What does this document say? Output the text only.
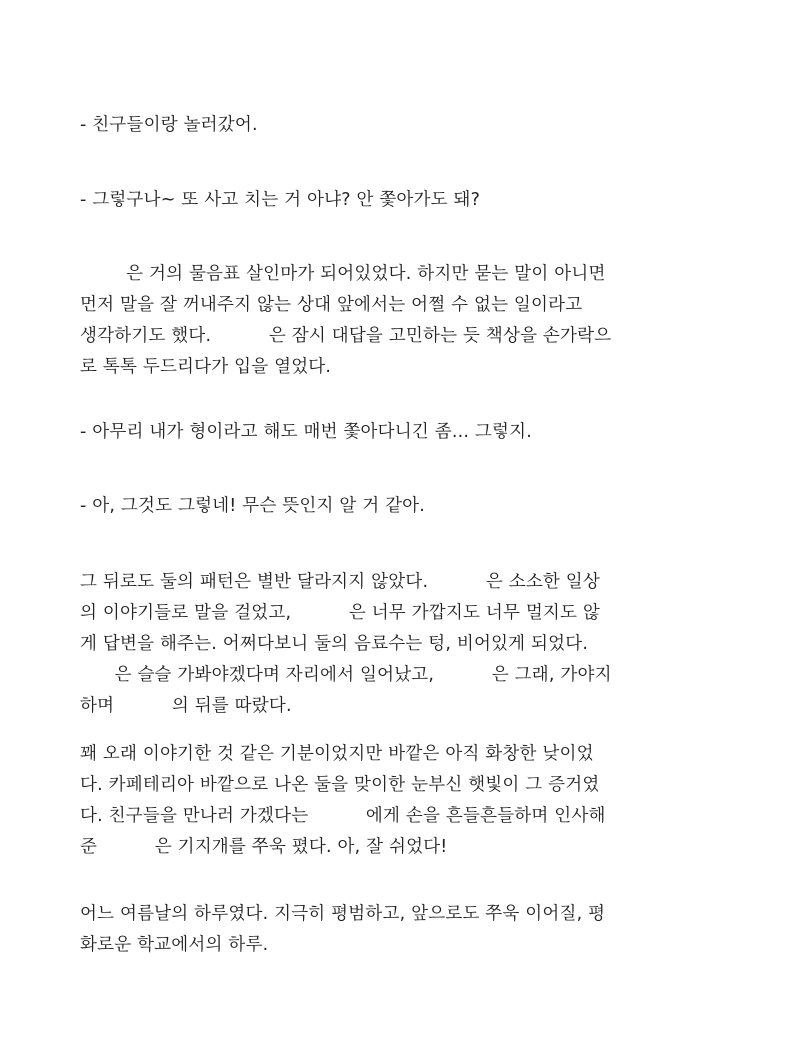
- 친구들이랑 놀러갔어.

- 그렇구나~ 또 사고 치는 거 아냐? 안 쫓아가도 돼?

은 거의 물음표 살인마가 되어있었다. 하지만 묻는 말이 아니면
먼저 말을 잘 꺼내주지 않는 상대 앞에서는 어쩔 수 없는 일이라고
생각하기도 했다.          은 잠시 대답을 고민하는 듯 책상을 손가락으
로 톡톡 두드리다가 입을 열었다.

- 아무리 내가 형이라고 해도 매번 쫓아다니긴 좀... 그렇지.

- 아, 그것도 그렇네! 무슨 뜻인지 알 거 같아.

그 뒤로도 둘의 패턴은 별반 달라지지 않았다.          은 소소한 일상
의 이야기들로 말을 걸었고,          은 너무 가깝지도 너무 멀지도 않
게 답변을 해주는. 어쩌다보니 둘의 음료수는 텅, 비어있게 되었다.
은 슬슬 가봐야겠다며 자리에서 일어났고,          은 그래, 가야지
하며          의 뒤를 따랐다.

꽤 오래 이야기한 것 같은 기분이었지만 바깥은 아직 화창한 낮이었
다. 카페테리아 바깥으로 나온 둘을 맞이한 눈부신 햇빛이 그 증거였
다. 친구들을 만나러 가겠다는          에게 손을 흔들흔들하며 인사해
준          은 기지개를 쭈욱 폈다. 아, 잘 쉬었다!

어느 여름날의 하루였다. 지극히 평범하고, 앞으로도 쭈욱 이어질, 평
화로운 학교에서의 하루.
